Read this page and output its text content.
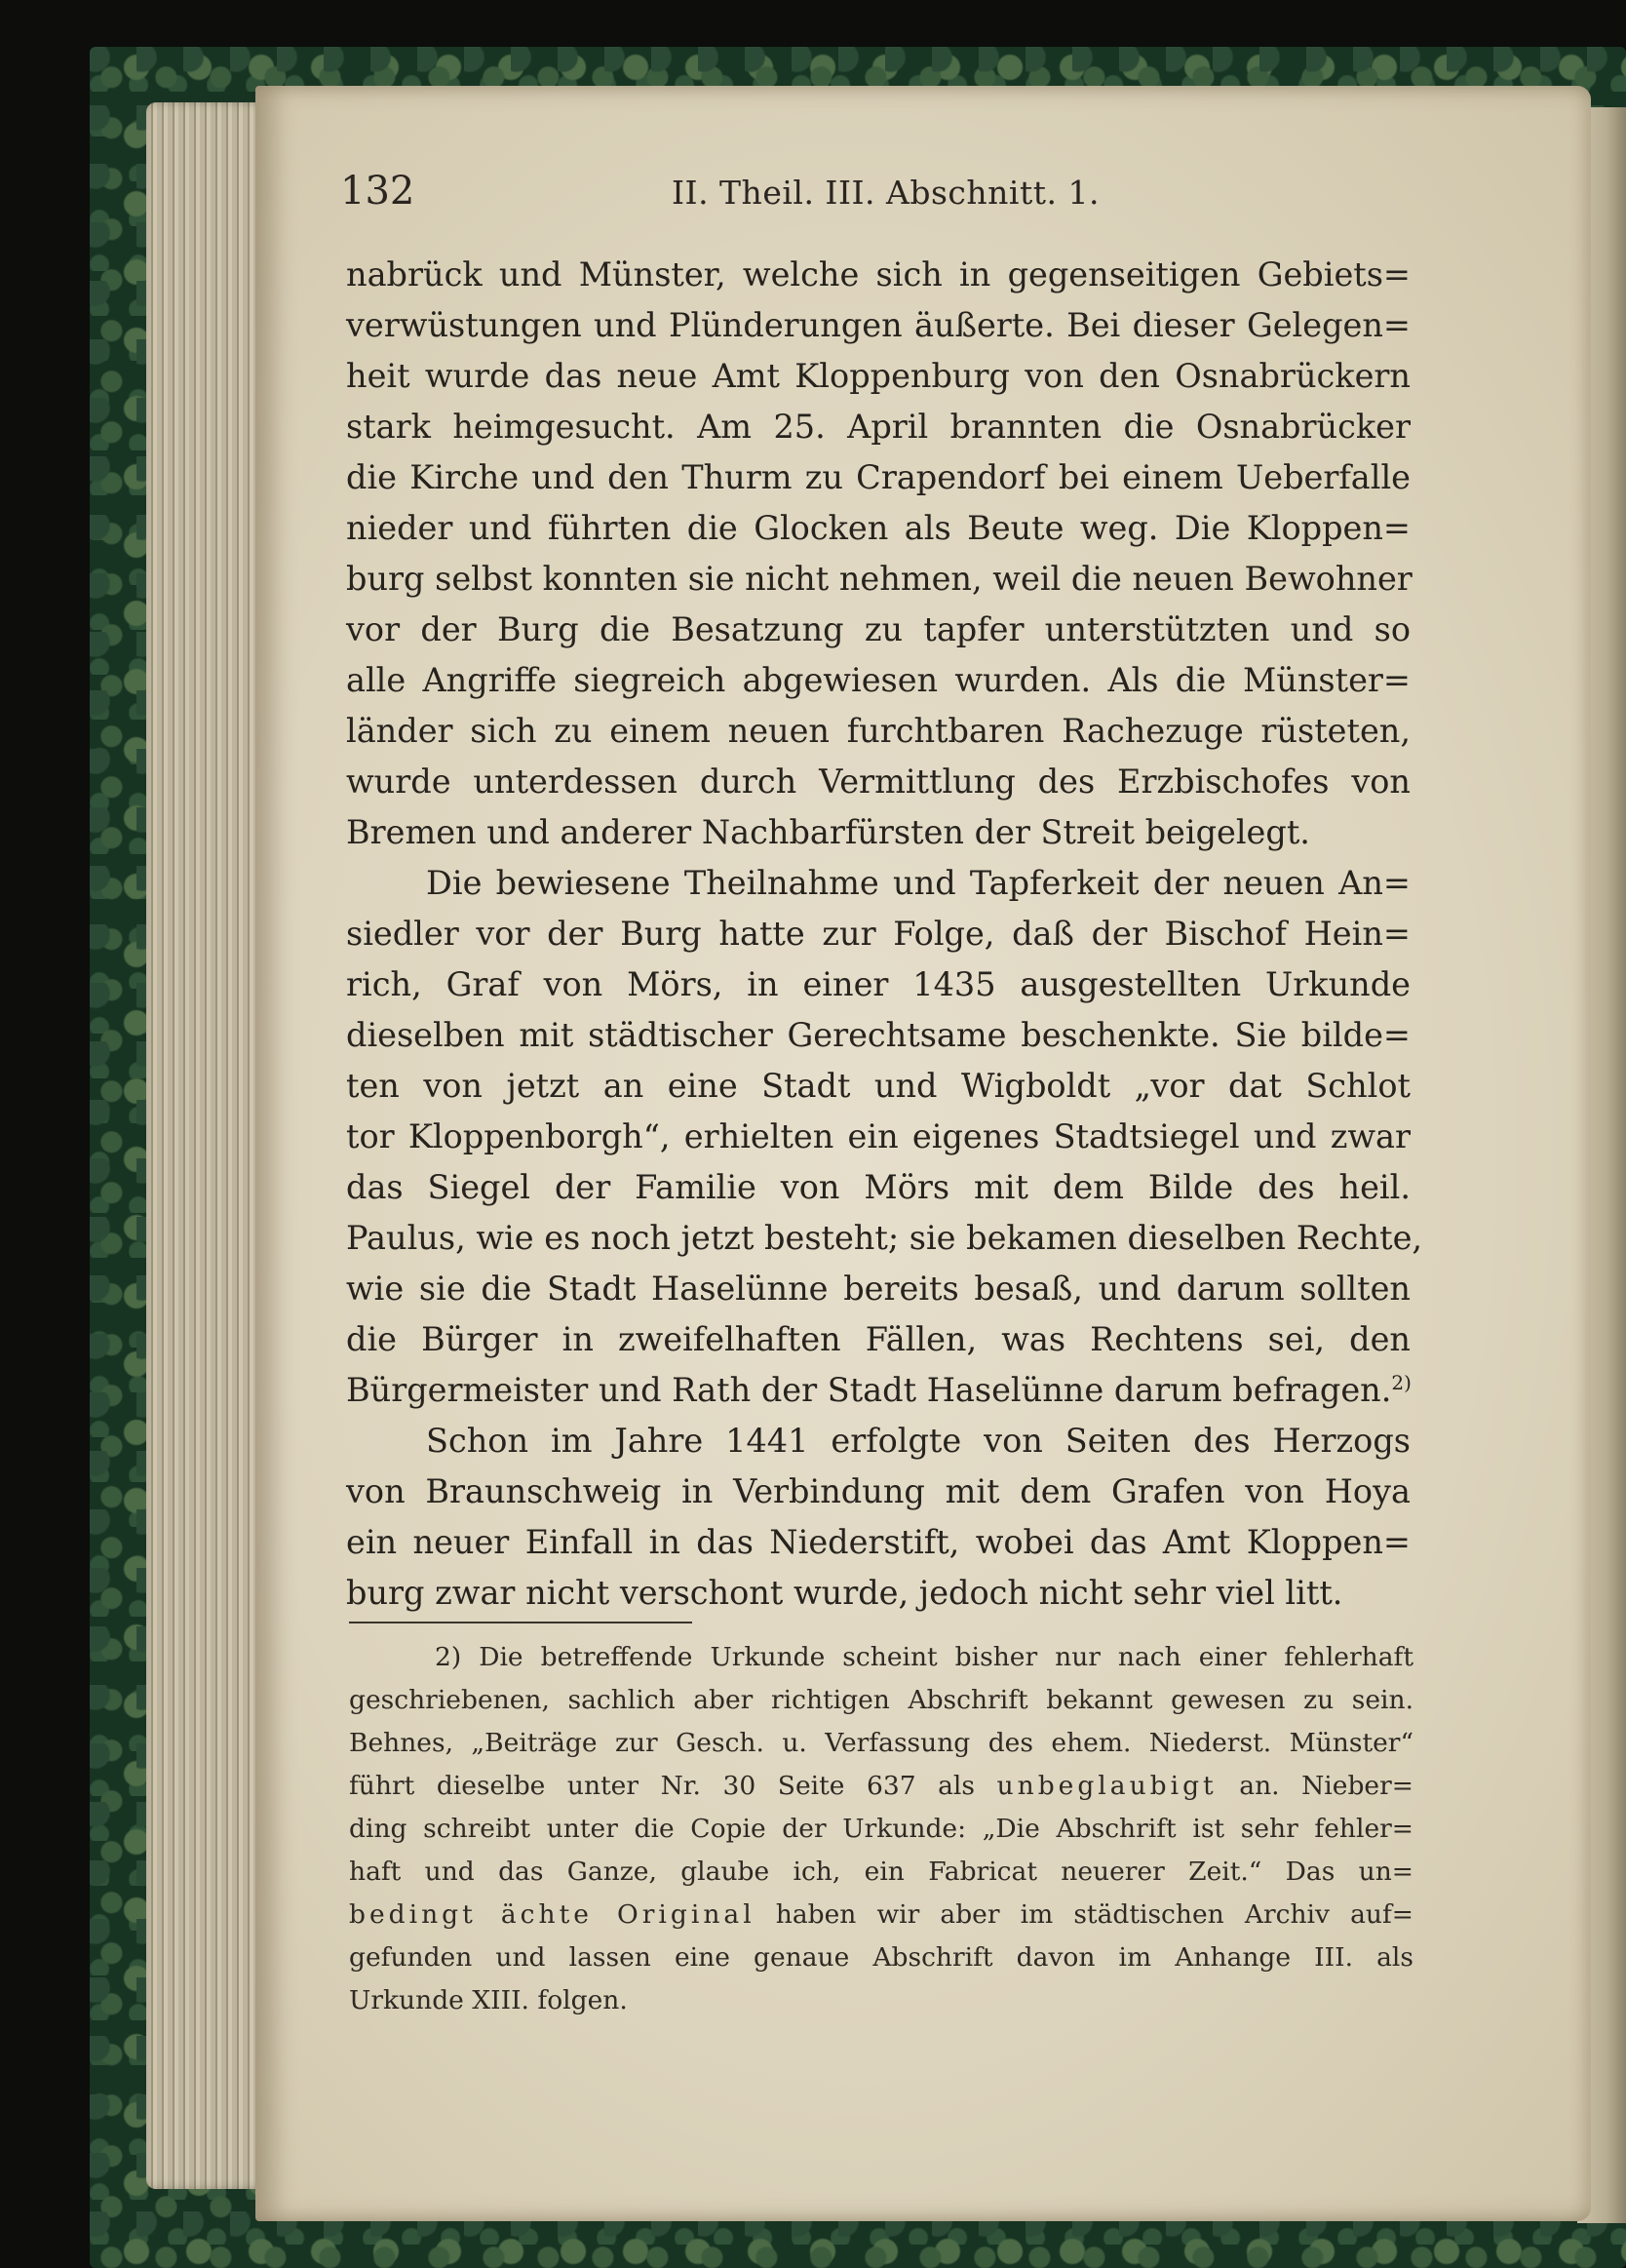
132	II. Theil. III. Abschnitt. 1.
nabrück und Münster, welche sich in gegenseitigen Gebiets=
verwüstungen und Plünderungen äußerte. Bei dieser Gelegen=
heit wurde das neue Amt Kloppenburg von den Osnabrückern
stark heimgesucht. Am 25. April brannten die Osnabrücker
die Kirche und den Thurm zu Crapendorf bei einem Ueberfalle
nieder und führten die Glocken als Beute weg. Die Kloppen=
burg selbst konnten sie nicht nehmen, weil die neuen Bewohner
vor der Burg die Besatzung zu tapfer unterstützten und so
alle Angriffe siegreich abgewiesen wurden. Als die Münster=
länder sich zu einem neuen furchtbaren Rachezuge rüsteten,
wurde unterdessen durch Vermittlung des Erzbischofes von
Bremen und anderer Nachbarfürsten der Streit beigelegt.
Die bewiesene Theilnahme und Tapferkeit der neuen An=
siedler vor der Burg hatte zur Folge, daß der Bischof Hein=
rich, Graf von Mörs, in einer 1435 ausgestellten Urkunde
dieselben mit städtischer Gerechtsame beschenkte. Sie bilde=
ten von jetzt an eine Stadt und Wigboldt „vor dat Schlot
tor Kloppenborgh“, erhielten ein eigenes Stadtsiegel und zwar
das Siegel der Familie von Mörs mit dem Bilde des heil.
Paulus, wie es noch jetzt besteht; sie bekamen dieselben Rechte,
wie sie die Stadt Haselünne bereits besaß, und darum sollten
die Bürger in zweifelhaften Fällen, was Rechtens sei, den
Bürgermeister und Rath der Stadt Haselünne darum befragen.$^{2)}$
Schon im Jahre 1441 erfolgte von Seiten des Herzogs
von Braunschweig in Verbindung mit dem Grafen von Hoya
ein neuer Einfall in das Niederstift, wobei das Amt Kloppen=
burg zwar nicht verschont wurde, jedoch nicht sehr viel litt.
2) Die betreffende Urkunde scheint bisher nur nach einer fehlerhaft
geschriebenen, sachlich aber richtigen Abschrift bekannt gewesen zu sein.
Behnes, „Beiträge zur Gesch. u. Verfassung des ehem. Niederst. Münster“
führt dieselbe unter Nr. 30 Seite 637 als unbeglaubigt an. Nieber=
ding schreibt unter die Copie der Urkunde: „Die Abschrift ist sehr fehler=
haft und das Ganze, glaube ich, ein Fabricat neuerer Zeit.“ Das un=
bedingt ächte Original haben wir aber im städtischen Archiv auf=
gefunden und lassen eine genaue Abschrift davon im Anhange III. als
Urkunde XIII. folgen.
